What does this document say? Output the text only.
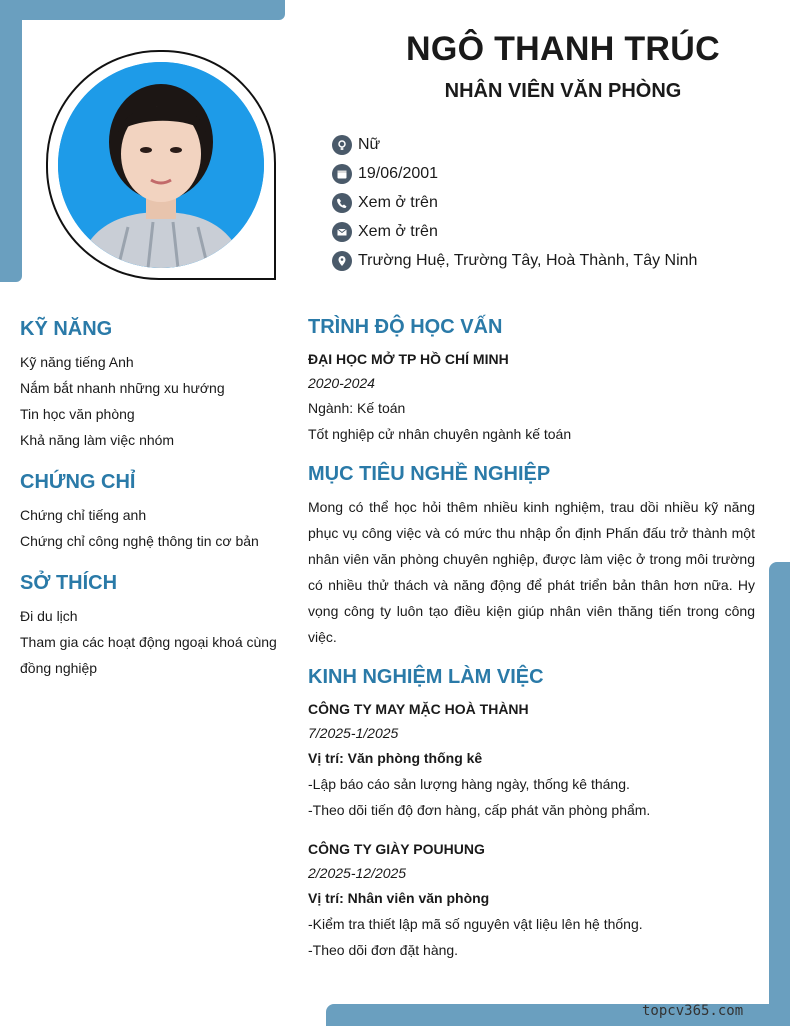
NGÔ THANH TRÚC
NHÂN VIÊN VĂN PHÒNG
Nữ
19/06/2001
Xem ở trên
Xem ở trên
Trường Huệ, Trường Tây, Hoà Thành, Tây Ninh
KỸ NĂNG
Kỹ năng tiếng Anh
Nắm bắt nhanh những xu hướng
Tin học văn phòng
Khả năng làm việc nhóm
CHỨNG CHỈ
Chứng chỉ tiếng anh
Chứng chỉ công nghệ thông tin cơ bản
SỞ THÍCH
Đi du lịch
Tham gia các hoạt động ngoại khoá cùng đồng nghiệp
TRÌNH ĐỘ HỌC VẤN
ĐẠI HỌC MỞ TP HỒ CHÍ MINH
2020-2024
Ngành: Kế toán
Tốt nghiệp cử nhân chuyên ngành kế toán
MỤC TIÊU NGHỀ NGHIỆP
Mong có thể học hỏi thêm nhiều kinh nghiệm, trau dồi nhiều kỹ năng phục vụ công việc và có mức thu nhập ổn định Phấn đấu trở thành một nhân viên văn phòng chuyên nghiệp, được làm việc ở trong môi trường có nhiều thử thách và năng động để phát triển bản thân hơn nữa. Hy vọng công ty luôn tạo điều kiện giúp nhân viên thăng tiến trong công việc.
KINH NGHIỆM LÀM VIỆC
CÔNG TY MAY MẶC HOÀ THÀNH
7/2025-1/2025
Vị trí: Văn phòng thống kê
-Lập báo cáo sản lượng hàng ngày, thống kê tháng.
-Theo dõi tiến độ đơn hàng, cấp phát văn phòng phẩm.
CÔNG TY GIÀY POUHUNG
2/2025-12/2025
Vị trí: Nhân viên văn phòng
-Kiểm tra thiết lập mã số nguyên vật liệu lên hệ thống.
-Theo dõi đơn đặt hàng.
topcv365.com
